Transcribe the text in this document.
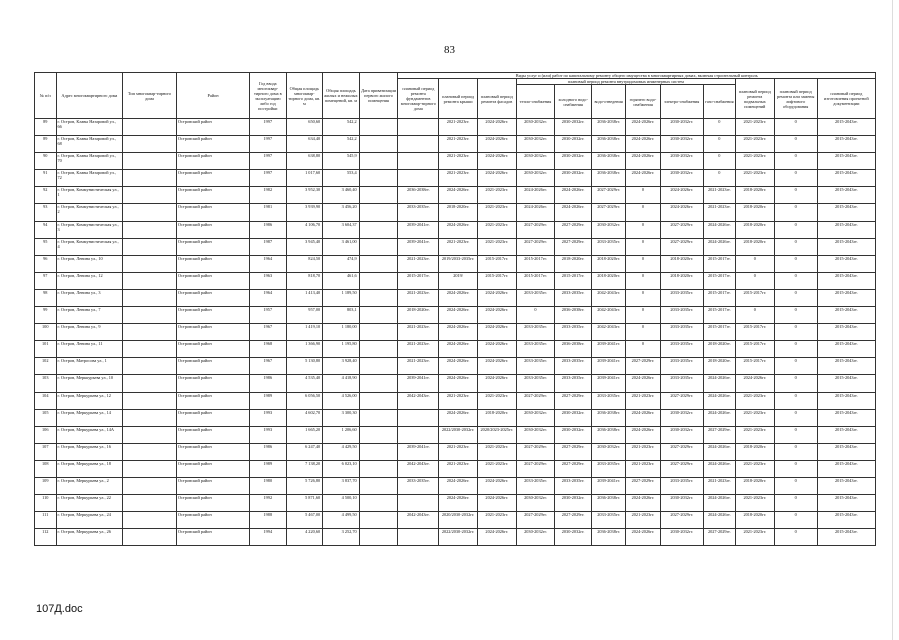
83
№ п/п	Адрес многоквартирного дома	Тип многоквар-тирного дома	Район	Год ввода многоквар-тирного дома в эксплуатацию либо год постройки	Общая площадь многоквар-тирного дома, кв. м	Общая площадь жилых и нежилых помещений, кв. м	Дата приватизации первого жилого помещения	Виды услуг и (или) работ по капитальному ремонту общего имущества в многоквартирных домах, включая строительный контроль											
								плановый период ремонта фундаментов многоквар-тирного дома	плановый период ремонта крыши	плановый период ремонта фасадов	плановый период ремонта внутридомовых инженерных систем						плановый период ремонта подвальных помещений	плановый период ремонта или замены лифтового оборудования	плановый период изготовления проектной документации
											тепло-снабжения	холодного водо-снабжения	водо-отведения	горячего водо-снабжения	электро-снабжения	газо-снабжения			
89	г. Остров, Клавы Назаровой ул., 66		Островский район	1997	650,60	542,2			2021-2023гг.	2024-2026гг.	2030-2032гг.	2030-2032гг.	2036-2038гг.	2024-2026гг.	2030-2032гг.	0	2021-2023гг.	0	2015-2043гг.
89	г. Остров, Клавы Назаровой ул., 68		Островский район	1997	634,40	542,2			2021-2023гг.	2024-2026гг.	2030-2032гг.	2030-2032гг.	2036-2038гг.	2024-2026гг.	2030-2032гг.	0	2021-2023гг.	0	2015-2043гг.
90	г. Остров, Клавы Назаровой ул., 70		Островский район	1997	638,80	545,9			2021-2023гг.	2024-2026гг.	2030-2032гг.	2030-2032гг.	2036-2038гг.	2024-2026гг.	2030-2032гг.	0	2021-2023гг.	0	2015-2043гг.
91	г. Остров, Клавы Назаровой ул., 72		Островский район	1997	1 017,60	553,4			2021-2023гг.	2024-2026гг.	2030-2032гг.	2030-2032гг.	2036-2038гг.	2024-2026гг.	2030-2032гг.	0	2021-2023гг.	0	2015-2043гг.
92	г. Остров, Коммунистическая ул., 1		Островский район	1982	3 952,30	3 460,40		2036-2038гг.	2024-2026гг.	2021-2023гг.	2024-2026гг.	2024-2026гг.	2027-2029гг.	0	2024-2026гг.	2021-2023гг.	2018-2020гг.	0	2015-2043гг.
93	г. Остров, Коммунистическая ул., 2		Островский район	1981	3 939,90	3 456,20		2033-2035гг.	2018-2020гг.	2021-2023гг.	2024-2026гг.	2024-2026гг.	2027-2029гг.	0	2024-2026гг.	2021-2023гг.	2018-2020гг.	0	2015-2043гг.
94	г. Остров, Коммунистическая ул., 3		Островский район	1986	4 106,70	3 604,37		2039-2041гг.	2024-2026гг.	2021-2023гг.	2027-2029гг.	2027-2029гг.	2030-2032гг.	0	2027-2029гг.	2024-2026гг.	2018-2020гг.	0	2015-2043гг.
95	г. Остров, Коммунистическая ул., 4		Островский район	1987	3 945,40	3 461,00		2039-2041гг.	2021-2023гг.	2021-2023гг.	2027-2029гг.	2027-2029гг.	2033-2035гг.	0	2027-2029гг.	2024-2026гг.	2018-2020гг.	0	2015-2043гг.
96	г. Остров, Ленина ул., 10		Островский район	1964	824,50	474,9		2021-2023гг.	2019/2033-2035гг.	2015-2017гг.	2015-2017гг.	2018-2020гг.	2018-2020гг.	0	2018-2020гг.	2015-2017гг.	0	0	2015-2043гг.
97	г. Остров, Ленина ул., 12		Островский район	1963	818,70	461,6		2015-2017гг.	2019/	2015-2017гг.	2015-2017гг.	2015-2017гг.	2018-2020гг.	0	2018-2020гг.	2015-2017гг.	0	0	2015-2043гг.
98	г. Остров, Ленина ул., 3		Островский район	1964	1 413,40	1 189,50		2021-2023гг.	2024-2026гг.	2024-2026гг.	2033-2035гг.	2033-2035гг.	2042-2043гг.	0	2033-2035гг.	2015-2017гг.	2015-2017гг.	0	2015-2043гг.
99	г. Остров, Ленина ул., 7		Островский район	1957	957,00	803,1		2018-2020гг.	2024-2026гг.	2024-2026гг.	0	2036-2038гг.	2042-2043гг.	0	2033-2035гг.	2015-2017гг.	0	0	2015-2043гг.
100	г. Остров, Ленина ул., 9		Островский район	1967	1 419,10	1 180,00		2021-2023гг.	2024-2026гг.	2024-2026гг.	2033-2035гг.	2033-2035гг.	2042-2043гг.	0	2033-2035гг.	2015-2017гг.	2015-2017гг.	0	2015-2043гг.
101	г. Остров, Ленина ул., 11		Островский район	1968	1 366,90	1 195,80		2021-2023гг.	2024-2026гг.	2024-2026гг.	2033-2035гг.	2036-2038гг.	2039-2041гг.	0	2033-2035гг.	2018-2020гг.	2015-2017гг.	0	2015-2043гг.
102	г. Остров, Матросова ул., 1		Островский район	1967	5 130,80	3 928,40		2021-2023гг.	2024-2026гг.	2024-2026гг.	2033-2035гг.	2033-2035гг.	2039-2041гг.	2027-2029гг.	2033-2035гг.	2018-2020гг.	2015-2017гг.	0	2015-2043гг.
103	г. Остров, Мерккурьева ул., 10		Островский район	1986	4 535,40	4 418,90		2039-2041гг.	2024-2026гг.	2024-2026гг.	2033-2035гг.	2033-2035гг.	2039-2041гг.	2024-2026гг.	2033-2035гг.	2024-2026гг.	2024-2026гг.	0	2015-2043гг.
104	г. Остров, Меркурьева ул., 12		Островский район	1989	6 056,50	4 526,00		2042-2043гг.	2021-2023гг.	2021-2023гг.	2027-2029гг.	2027-2029гг.	2033-2035гг.	2021-2023гг.	2027-2029гг.	2024-2026гг.	2021-2023гг.	0	2015-2043гг.
105	г. Остров, Меркурьева ул., 14		Островский район	1993	4 602,70	3 300,30			2024-2026гг.	2018-2020гг.	2030-2032гг.	2030-2032гг.	2036-2038гг.	2024-2026гг.	2030-2032гг.	2024-2026гг.	2021-2023гг.	0	2015-2043гг.
106	г. Остров, Меркурьева ул., 14А		Островский район	1993	1 665,20	1 206,60			2022/2030-2032гг.	2020/2023-2025гг.	2030-2032гг.	2030-2032гг.	2036-2038гг.	2024-2026гг.	2030-2032гг.	2027-2029гг.	2021-2023гг.	0	2015-2043гг.
107	г. Остров, Меркурьева ул., 16		Островский район	1986	6 247,40	4 429,50		2039-2041гг.	2021-2023гг.	2021-2023гг.	2027-2029гг.	2027-2029гг.	2030-2032гг.	2021-2023гг.	2027-2029гг.	2024-2026гг.	2018-2020гг.	0	2015-2043гг.
108	г. Остров, Меркурьева ул., 18		Островский район	1989	7 138,20	6 023,10		2042-2043гг.	2021-2023гг.	2021-2023гг.	2027-2029гг.	2027-2029гг.	2033-2035гг.	2021-2023гг.	2027-2029гг.	2024-2026гг.	2021-2023гг.	0	2015-2043гг.
109	г. Остров, Меркурьева ул., 2		Островский район	1980	5 726,80	3 837,70		2033-2035гг.	2024-2026гг.	2024-2026гг.	2033-2035гг.	2033-2035гг.	2039-2041гг.	2027-2029гг.	2033-2035гг.	2021-2023гг.	2018-2020гг.	0	2015-2043гг.
110	г. Остров, Меркурьева ул., 22		Островский район	1992	5 871,60	4 500,10			2024-2026гг.	2024-2026гг.	2030-2032гг.	2030-2032гг.	2036-2038гг.	2024-2026гг.	2030-2032гг.	2024-2026гг.	2021-2023гг.	0	2015-2043гг.
111	г. Остров, Меркурьева ул., 24		Островский район	1988	5 467,00	4 499,50		2042-2043гг.	2020/2030-2032гг.	2021-2023гг.	2027-2029гг.	2027-2029гг.	2033-2035гг.	2021-2023гг.	2027-2029гг.	2024-2026гг.	2018-2020гг.	0	2015-2043гг.
112	г. Остров, Меркурьева ул., 26		Островский район	1994	4 220,60	3 252,70			2022/2030-2032гг.	2024-2026гг.	2030-2032гг.	2030-2032гг.	2036-2038гг.	2024-2026гг.	2030-2032гг.	2027-2029гг.	2021-2023гг.	0	2015-2043гг.
107Д.doc
